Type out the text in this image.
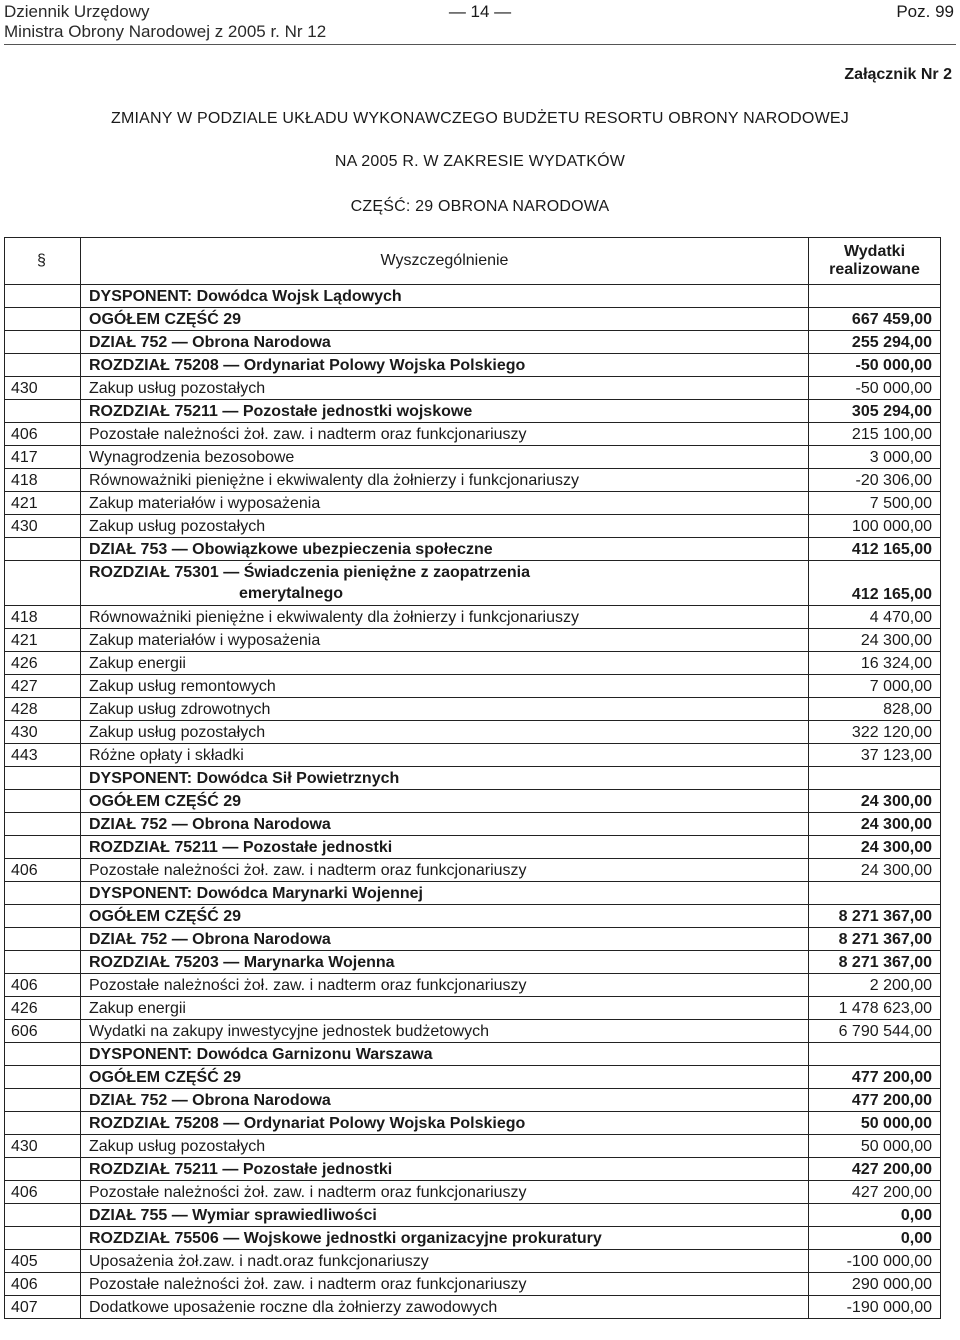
Dziennik Urzędowy
Ministra Obrony Narodowej z 2005 r. Nr 12
— 14 —	Poz. 99
Załącznik Nr 2
ZMIANY W PODZIALE UKŁADU WYKONAWCZEGO BUDŻETU RESORTU OBRONY NARODOWEJ
NA 2005 R. W ZAKRESIE WYDATKÓW
CZĘŚĆ: 29 OBRONA NARODOWA
§	Wyszczególnienie	Wydatki
realizowane

	DYSPONENT: Dowódca Wojsk Lądowych	
	OGÓŁEM CZĘŚĆ 29	667 459,00
	DZIAŁ 752 — Obrona Narodowa	255 294,00
	ROZDZIAŁ 75208 — Ordynariat Polowy Wojska Polskiego	-50 000,00
430	Zakup usług pozostałych	-50 000,00
	ROZDZIAŁ 75211 — Pozostałe jednostki wojskowe	305 294,00
406	Pozostałe należności żoł. zaw. i nadterm oraz funkcjonariuszy	215 100,00
417	Wynagrodzenia bezosobowe	3 000,00
418	Równoważniki pieniężne i ekwiwalenty dla żołnierzy i funkcjonariuszy	-20 306,00
421	Zakup materiałów i wyposażenia	7 500,00
430	Zakup usług pozostałych	100 000,00
	DZIAŁ 753 — Obowiązkowe ubezpieczenia społeczne	412 165,00

	ROZDZIAŁ 75301 — Świadczenia pieniężne z zaopatrzenia
emerytalnego	412 165,00
418	Równoważniki pieniężne i ekwiwalenty dla żołnierzy i funkcjonariuszy	4 470,00
421	Zakup materiałów i wyposażenia	24 300,00
426	Zakup energii	16 324,00
427	Zakup usług remontowych	7 000,00
428	Zakup usług zdrowotnych	828,00
430	Zakup usług pozostałych	322 120,00
443	Różne opłaty i składki	37 123,00
	DYSPONENT: Dowódca Sił Powietrznych	
	OGÓŁEM CZĘŚĆ 29	24 300,00
	DZIAŁ 752 — Obrona Narodowa	24 300,00
	ROZDZIAŁ 75211 — Pozostałe jednostki	24 300,00
406	Pozostałe należności żoł. zaw. i nadterm oraz funkcjonariuszy	24 300,00
	DYSPONENT: Dowódca Marynarki Wojennej	
	OGÓŁEM CZĘŚĆ 29	8 271 367,00
	DZIAŁ 752 — Obrona Narodowa	8 271 367,00
	ROZDZIAŁ 75203 — Marynarka Wojenna	8 271 367,00
406	Pozostałe należności żoł. zaw. i nadterm oraz funkcjonariuszy	2 200,00
426	Zakup energii	1 478 623,00
606	Wydatki na zakupy inwestycyjne jednostek budżetowych	6 790 544,00
	DYSPONENT: Dowódca Garnizonu Warszawa	
	OGÓŁEM CZĘŚĆ 29	477 200,00
	DZIAŁ 752 — Obrona Narodowa	477 200,00
	ROZDZIAŁ 75208 — Ordynariat Polowy Wojska Polskiego	50 000,00
430	Zakup usług pozostałych	50 000,00
	ROZDZIAŁ 75211 — Pozostałe jednostki	427 200,00
406	Pozostałe należności żoł. zaw. i nadterm oraz funkcjonariuszy	427 200,00
	DZIAŁ 755 — Wymiar sprawiedliwości	0,00
	ROZDZIAŁ 75506 — Wojskowe jednostki organizacyjne prokuratury	0,00
405	Uposażenia żoł.zaw. i nadt.oraz funkcjonariuszy	-100 000,00
406	Pozostałe należności żoł. zaw. i nadterm oraz funkcjonariuszy	290 000,00
407	Dodatkowe uposażenie roczne dla żołnierzy zawodowych	-190 000,00
